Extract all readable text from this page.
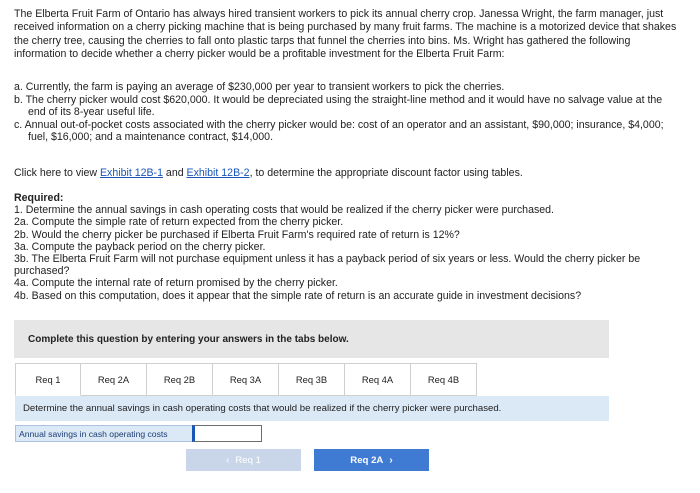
The Elberta Fruit Farm of Ontario has always hired transient workers to pick its annual cherry crop. Janessa Wright, the farm manager, just received information on a cherry picking machine that is being purchased by many fruit farms. The machine is a motorized device that shakes the cherry tree, causing the cherries to fall onto plastic tarps that funnel the cherries into bins. Ms. Wright has gathered the following information to decide whether a cherry picker would be a profitable investment for the Elberta Fruit Farm:

a. Currently, the farm is paying an average of $230,000 per year to transient workers to pick the cherries.
b. The cherry picker would cost $620,000. It would be depreciated using the straight-line method and it would have no salvage value at the end of its 8-year useful life.
c. Annual out-of-pocket costs associated with the cherry picker would be: cost of an operator and an assistant, $90,000; insurance, $4,000; fuel, $16,000; and a maintenance contract, $14,000.

Click here to view Exhibit 12B-1 and Exhibit 12B-2, to determine the appropriate discount factor using tables.

Required:

1. Determine the annual savings in cash operating costs that would be realized if the cherry picker were purchased.

2a. Compute the simple rate of return expected from the cherry picker.

2b. Would the cherry picker be purchased if Elberta Fruit Farm's required rate of return is 12%?

3a. Compute the payback period on the cherry picker.

3b. The Elberta Fruit Farm will not purchase equipment unless it has a payback period of six years or less. Would the cherry picker be purchased?

4a. Compute the internal rate of return promised by the cherry picker.

4b. Based on this computation, does it appear that the simple rate of return is an accurate guide in investment decisions?

Complete this question by entering your answers in the tabs below.
Req 1	Req 2A	Req 2B	Req 3A	Req 3B	Req 4A	Req 4B
Determine the annual savings in cash operating costs that would be realized if the cherry picker were purchased.
Annual savings in cash operating costs
‹ Req 1	Req 2A ›
